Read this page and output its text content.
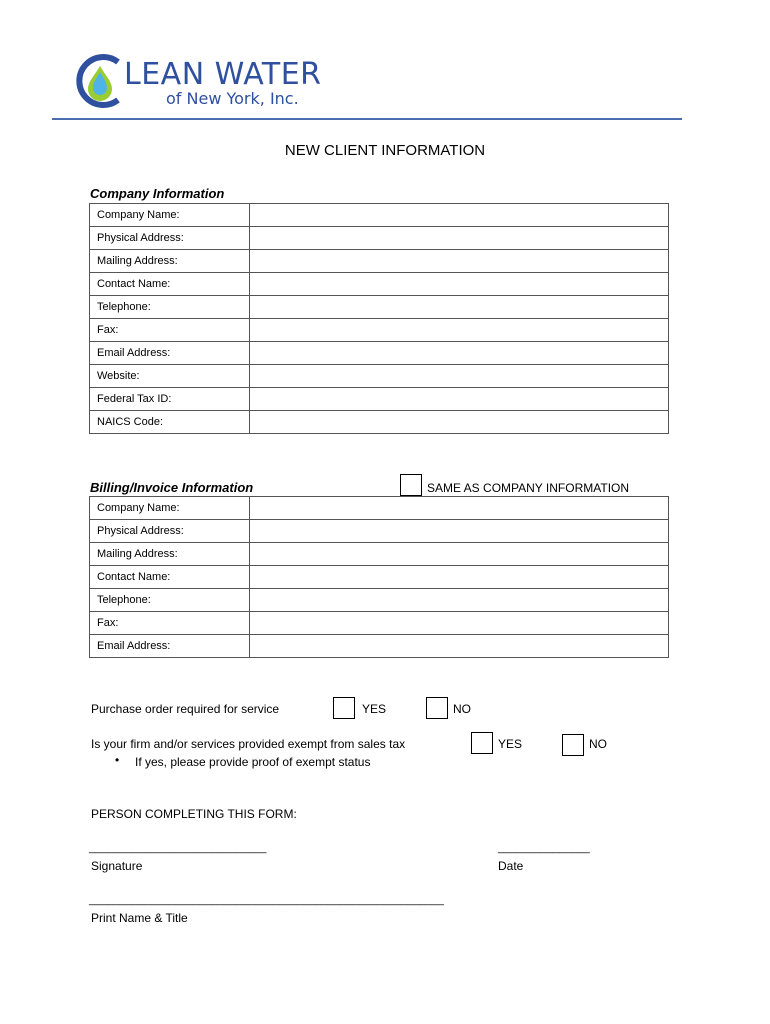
LEAN WATER
of New York, Inc.
NEW CLIENT INFORMATION
Company Information
Company Name:	
Physical Address:	
Mailing Address:	
Contact Name:	
Telephone:	
Fax:	
Email Address:	
Website:	
Federal Tax ID:	
NAICS Code:	
Billing/Invoice Information	SAME AS COMPANY INFORMATION
Company Name:	
Physical Address:	
Mailing Address:	
Contact Name:	
Telephone:	
Fax:	
Email Address:	
Purchase order required for service	YES	NO
Is your firm and/or services provided exempt from sales tax	YES	NO
• If yes, please provide proof of exempt status
PERSON COMPLETING THIS FORM:
_____________________________
Signature
_______________
Date
__________________________________________________________
Print Name & Title
